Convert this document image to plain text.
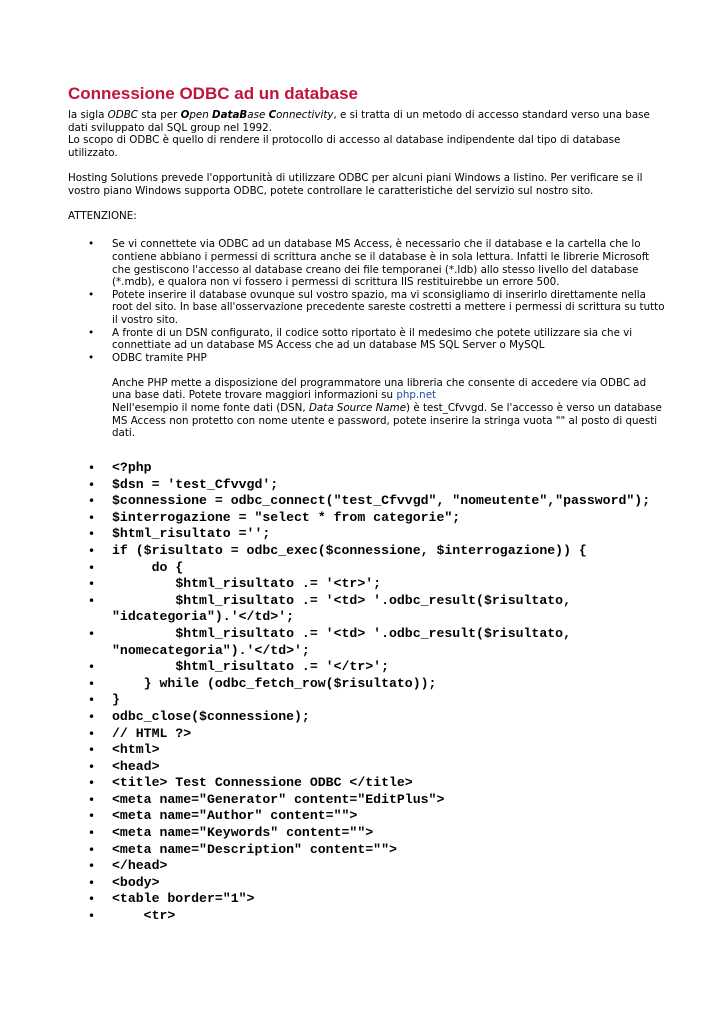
Connessione ODBC ad un database

la sigla ODBC sta per Open DataBase Connectivity, e si tratta di un metodo di accesso standard verso una base dati sviluppato dal SQL group nel 1992.

Lo scopo di ODBC è quello di rendere il protocollo di accesso al database indipendente dal tipo di database utilizzato.

Hosting Solutions prevede l'opportunità di utilizzare ODBC per alcuni piani Windows a listino. Per verificare se il vostro piano Windows supporta ODBC, potete controllare le caratteristiche del servizio sul nostro sito.

ATTENZIONE:

• Se vi connettete via ODBC ad un database MS Access, è necessario che il database e la cartella che lo contiene abbiano i permessi di scrittura anche se il database è in sola lettura. Infatti le librerie Microsoft che gestiscono l'accesso al database creano dei file temporanei (*.ldb) allo stesso livello del database (*.mdb), e qualora non vi fossero i permessi di scrittura IIS restituirebbe un errore 500.
• Potete inserire il database ovunque sul vostro spazio, ma vi sconsigliamo di inserirlo direttamente nella root del sito. In base all'osservazione precedente sareste costretti a mettere i permessi di scrittura su tutto il vostro sito.
• A fronte di un DSN configurato, il codice sotto riportato è il medesimo che potete utilizzare sia che vi connettiate ad un database MS Access che ad un database MS SQL Server o MySQL
• ODBC tramite PHP

Anche PHP mette a disposizione del programmatore una libreria che consente di accedere via ODBC ad una base dati. Potete trovare maggiori informazioni su php.net

Nell'esempio il nome fonte dati (DSN, Data Source Name) è test_Cfvvgd. Se l'accesso è verso un database MS Access non protetto con nome utente e password, potete inserire la stringa vuota "" al posto di questi dati.

• <?php
• $dsn = 'test_Cfvvgd';
• $connessione = odbc_connect("test_Cfvvgd", "nomeutente","password");
• $interrogazione = "select * from categorie";
• $html_risultato ='';
• if ($risultato = odbc_exec($connessione, $interrogazione)) {
•      do {
•         $html_risultato .= '<tr>';
•         $html_risultato .= '<td> '.odbc_result($risultato, "idcategoria").'</td>';
•         $html_risultato .= '<td> '.odbc_result($risultato, "nomecategoria").'</td>';
•         $html_risultato .= '</tr>';
•     } while (odbc_fetch_row($risultato));
• }
• odbc_close($connessione);
• // HTML ?>
• <html>
• <head>
• <title> Test Connessione ODBC </title>
• <meta name="Generator" content="EditPlus">
• <meta name="Author" content="">
• <meta name="Keywords" content="">
• <meta name="Description" content="">
• </head>
• <body>
• <table border="1">
•     <tr>
